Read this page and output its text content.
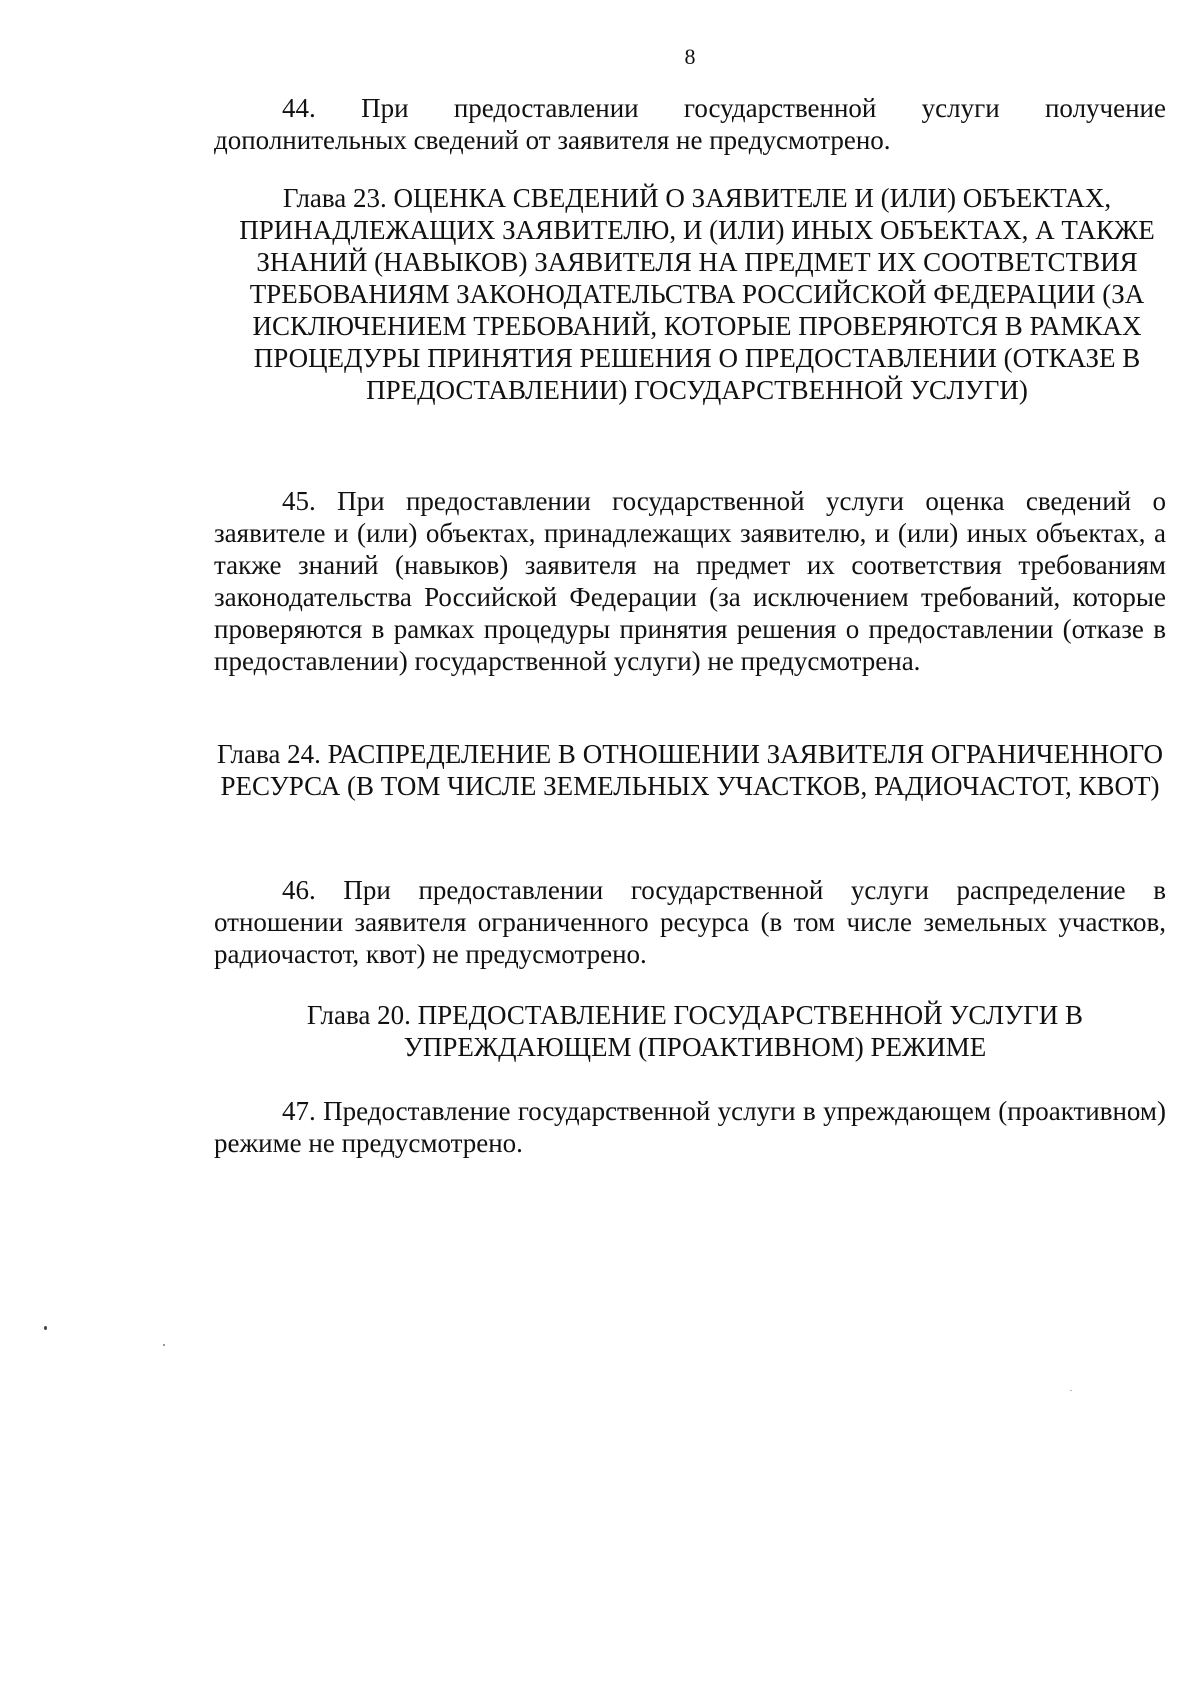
8

44. При предоставлении государственной услуги получение дополнительных сведений от заявителя не предусмотрено.

Глава 23. ОЦЕНКА СВЕДЕНИЙ О ЗАЯВИТЕЛЕ И (ИЛИ) ОБЪЕКТАХ, ПРИНАДЛЕЖАЩИХ ЗАЯВИТЕЛЮ, И (ИЛИ) ИНЫХ ОБЪЕКТАХ, А ТАКЖЕ ЗНАНИЙ (НАВЫКОВ) ЗАЯВИТЕЛЯ НА ПРЕДМЕТ ИХ СООТВЕТСТВИЯ ТРЕБОВАНИЯМ ЗАКОНОДАТЕЛЬСТВА РОССИЙСКОЙ ФЕДЕРАЦИИ (ЗА ИСКЛЮЧЕНИЕМ ТРЕБОВАНИЙ, КОТОРЫЕ ПРОВЕРЯЮТСЯ В РАМКАХ ПРОЦЕДУРЫ ПРИНЯТИЯ РЕШЕНИЯ О ПРЕДОСТАВЛЕНИИ (ОТКАЗЕ В ПРЕДОСТАВЛЕНИИ) ГОСУДАРСТВЕННОЙ УСЛУГИ)

45. При предоставлении государственной услуги оценка сведений о заявителе и (или) объектах, принадлежащих заявителю, и (или) иных объектах, а также знаний (навыков) заявителя на предмет их соответствия требованиям законодательства Российской Федерации (за исключением требований, которые проверяются в рамках процедуры принятия решения о предоставлении (отказе в предоставлении) государственной услуги) не предусмотрена.

Глава 24. РАСПРЕДЕЛЕНИЕ В ОТНОШЕНИИ ЗАЯВИТЕЛЯ ОГРАНИЧЕННОГО РЕСУРСА (В ТОМ ЧИСЛЕ ЗЕМЕЛЬНЫХ УЧАСТКОВ, РАДИОЧАСТОТ, КВОТ)

46. При предоставлении государственной услуги распределение в отношении заявителя ограниченного ресурса (в том числе земельных участков, радиочастот, квот) не предусмотрено.

Глава 20. ПРЕДОСТАВЛЕНИЕ ГОСУДАРСТВЕННОЙ УСЛУГИ В УПРЕЖДАЮЩЕМ (ПРОАКТИВНОМ) РЕЖИМЕ

47. Предоставление государственной услуги в упреждающем (проактивном) режиме не предусмотрено.
